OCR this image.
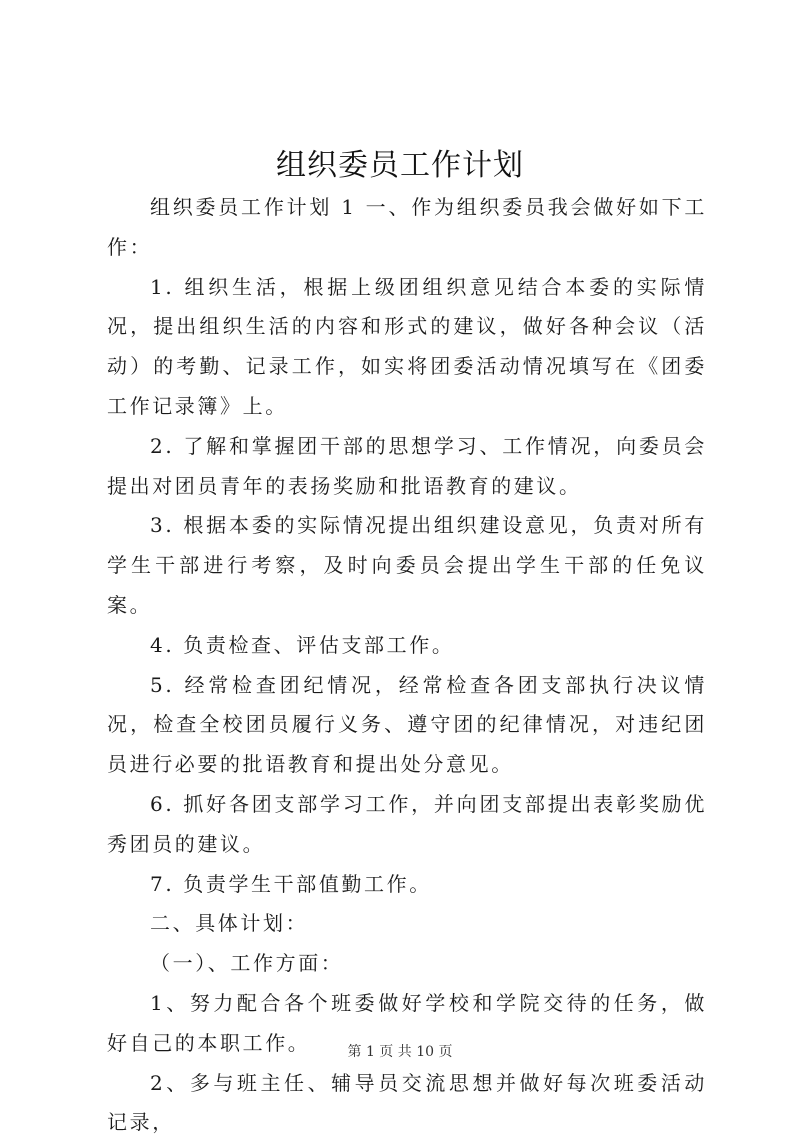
组织委员工作计划

组织委员工作计划 1 一、作为组织委员我会做好如下工作：

1. 组织生活，根据上级团组织意见结合本委的实际情况，提出组织生活的内容和形式的建议，做好各种会议（活动）的考勤、记录工作，如实将团委活动情况填写在《团委工作记录簿》上。

2. 了解和掌握团干部的思想学习、工作情况，向委员会提出对团员青年的表扬奖励和批语教育的建议。

3. 根据本委的实际情况提出组织建设意见，负责对所有学生干部进行考察，及时向委员会提出学生干部的任免议案。

4. 负责检查、评估支部工作。

5. 经常检查团纪情况，经常检查各团支部执行决议情况，检查全校团员履行义务、遵守团的纪律情况，对违纪团员进行必要的批语教育和提出处分意见。

6. 抓好各团支部学习工作，并向团支部提出表彰奖励优秀团员的建议。

7. 负责学生干部值勤工作。

二、具体计划：

（一）、工作方面：

1、努力配合各个班委做好学校和学院交待的任务，做好自己的本职工作。

2、多与班主任、辅导员交流思想并做好每次班委活动记录，

第 1 页 共 10 页
